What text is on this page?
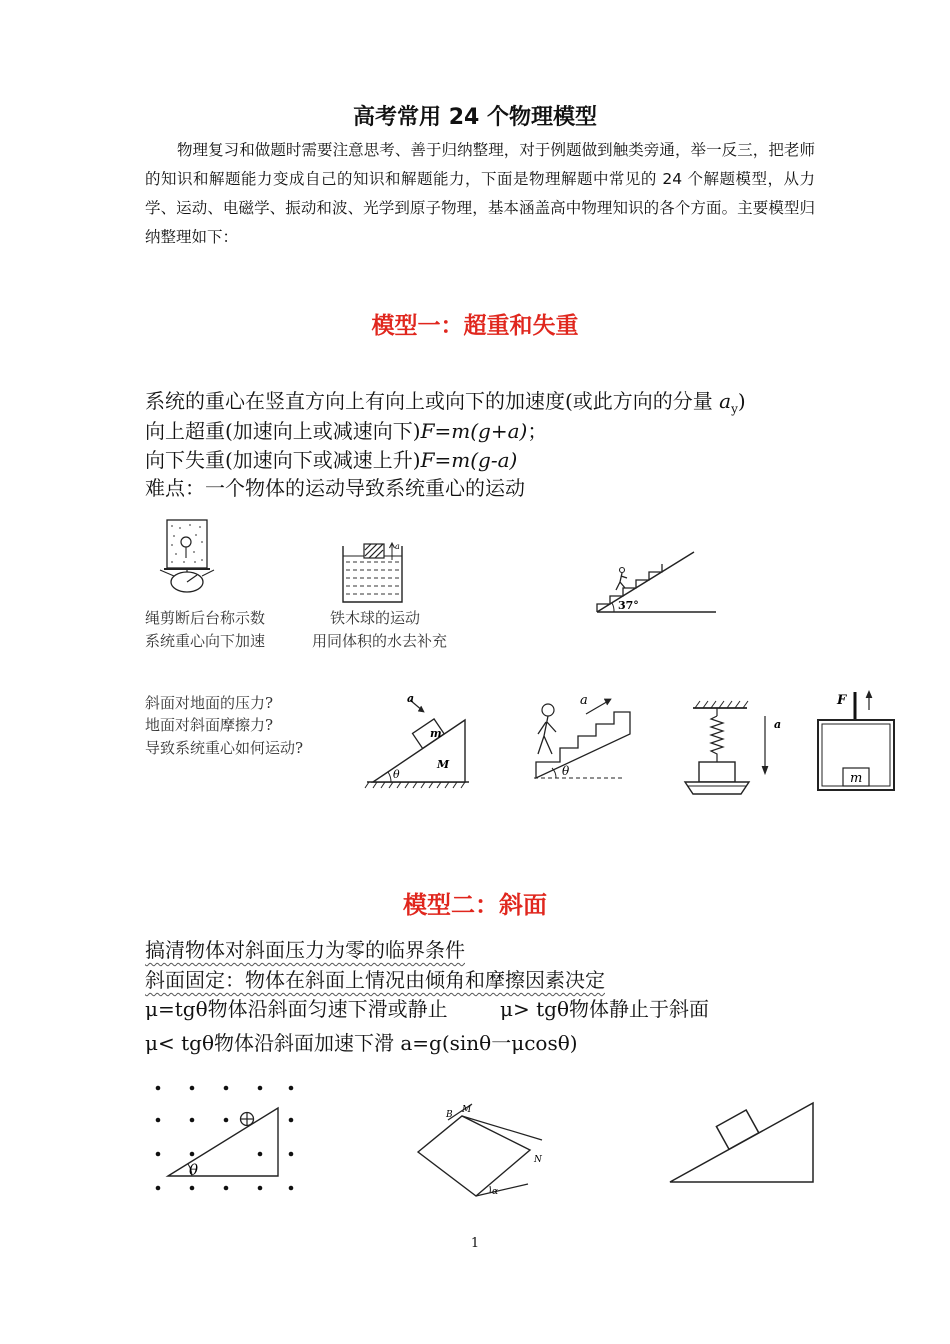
高考常用 24 个物理模型
物理复习和做题时需要注意思考、善于归纳整理，对于例题做到触类旁通，举一反三，把老师的知识和解题能力变成自己的知识和解题能力，下面是物理解题中常见的 24 个解题模型，从力学、运动、电磁学、振动和波、光学到原子物理，基本涵盖高中物理知识的各个方面。主要模型归纳整理如下：
模型一：超重和失重
系统的重心在竖直方向上有向上或向下的加速度(或此方向的分量 $a_y$)
向上超重(加速向上或减速向下)F=m(g+a)；
向下失重(加速向下或减速上升)F=m(g-a)
难点：一个物体的运动导致系统重心的运动
a
绳剪断后台称示数
系统重心向下加速
铁木球的运动
用同体积的水去补充
37°
斜面对地面的压力?
地面对斜面摩擦力?
导致系统重心如何运动?
m
M
θ
a
θ
a
a
F
m
模型二：斜面
搞清物体对斜面压力为零的临界条件
斜面固定：物体在斜面上情况由倾角和摩擦因素决定
μ=tgθ物体沿斜面匀速下滑或静止	μ> tgθ物体静止于斜面
μ< tgθ物体沿斜面加速下滑 a=g(sinθ一μcosθ)
θ
B M
N
α
1
